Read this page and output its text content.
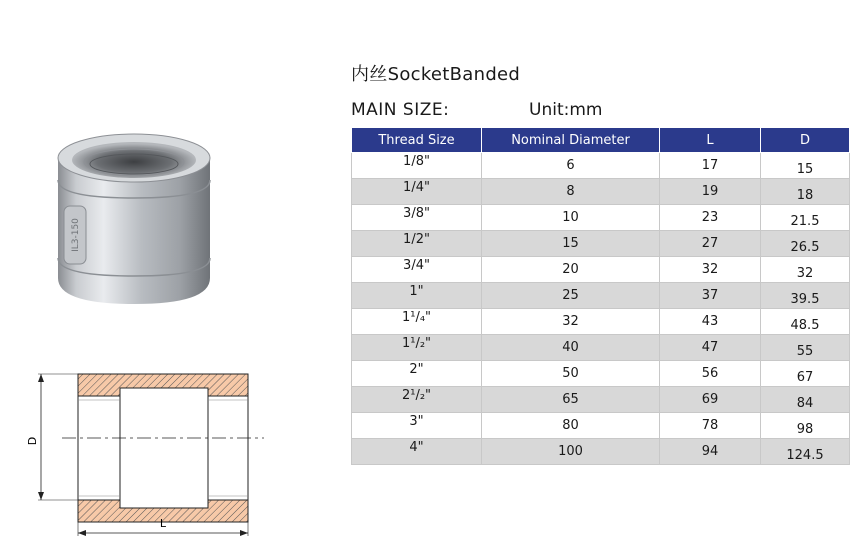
IL3-150
D
L
内丝SocketBanded
MAIN SIZE:	Unit:mm
Thread Size	Nominal Diameter	L	D
1/8"	6	17	15
1/4"	8	19	18
3/8"	10	23	21.5
1/2"	15	27	26.5
3/4"	20	32	32
1"	25	37	39.5
1¹/₄"	32	43	48.5
1¹/₂"	40	47	55
2"	50	56	67
2¹/₂"	65	69	84
3"	80	78	98
4"	100	94	124.5
